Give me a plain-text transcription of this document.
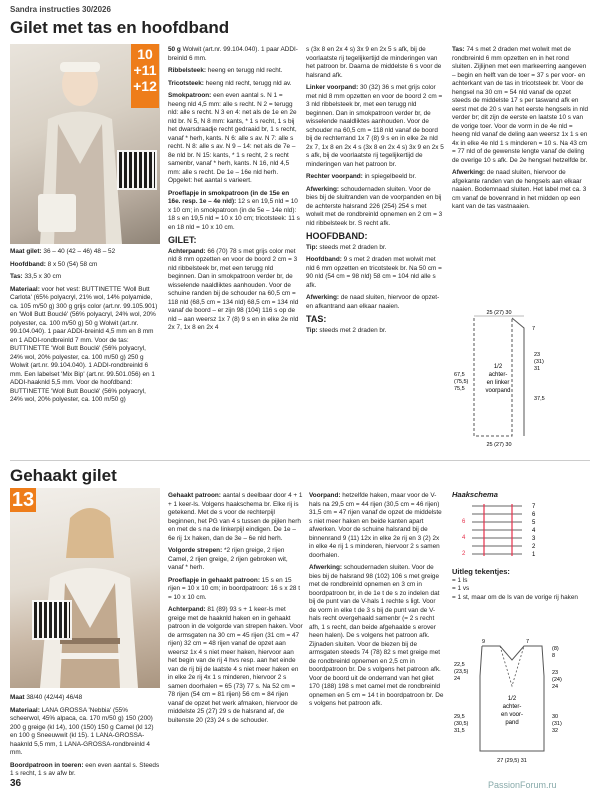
Sandra instructies 30/2026
Gilet met tas en hoofdband
10
+11
+12

Maat gilet: 36 – 40 (42 – 46) 48 – 52

Hoofdband: 8 x 50 (54) 58 cm

Tas: 33,5 x 30 cm

Materiaal: voor het vest: BUTTINETTE 'Woll Butt Carlota' (65% polyacryl, 21% wol, 14% polyamide, ca. 105 m/50 g) 300 g grijs color (art.nr. 99.105.901) en 'Woll Butt Bouclé' (56% polyacryl, 24% wol, 20% polyester, ca. 100 m/50 g) 50 g Wolwit (art.nr. 99.104.040). 1 paar ADDI-breinld 4,5 mm en 8 mm en 1 ADDI-rondbreinld 7 mm. Voor de tas: BUTTINETTE 'Woll Butt Bouclé' (56% polyacryl, 24% wol, 20% polyester, ca. 100 m/50 g) 250 g Wolwit (art.nr. 99.104.040). 1 ADDI-rondbreinld 6 mm. Een labelset 'Mix Bip' (art.nr. 99.501.056) en 1 ADDI-haaknld 5,5 mm. Voor de hoofdband: BUTTINETTE 'Woll Butt Bouclé' (56% polyacryl, 24% wol, 20% polyester, ca. 100 m/50 g)

50 g Wolwit (art.nr. 99.104.040). 1 paar ADDI-breinld 6 mm.

Ribbelsteek: heeng en terugg nld recht.

Tricotsteek: heeng nld recht, terugg nld av.

Smokpatroon: een even aantal s. N 1 = heeng nld 4,5 mm: alle s recht. N 2 = terugg nld: alle s recht. N 3 en 4: net als de 1e en 2e nld br. N 5, N 8 mm: kants, * 1 s recht, 1 s bij het dwarsdraadje recht gedraaid br, 1 s recht, vanaf * herh, kants. N 6: alle s av. N 7: alle s recht. N 8: alle s av. N 9 – 14: net als de 7e – 8e nld br. N 15: kants, * 1 s recht, 2 s recht samenbr, vanaf * herh, kants. N 16, nld 4,5 mm: alle s recht. De 1e – 16e nld herh. Opgelet: het aantal s varieert.

Proeflapje in smokpatroon (in de 15e en 16e. resp. 1e – 4e nld): 12 s en 19,5 nld = 10 x 10 cm; in smokpatroon (in de 5e – 14e nld): 18 s en 19,5 nld = 10 x 10 cm; tricotsteek: 11 s en 18 nld = 10 x 10 cm.

GILET:

Achterpand: 66 (70) 78 s met grijs color met nld 8 mm opzetten en voor de boord 2 cm = 3 nld ribbelsteek br, met een terugg nld beginnen. Dan in smokpatroon verder br, de wisselende naaldliktes aanhouden. Voor de schuine randen bij de schouder na 60,5 cm = 118 nld (68,5 cm = 134 nld) 68,5 cm = 134 nld vanaf de boord – er zijn 98 (104) 116 s op de nld – aan weersz 1x 7 (8) 9 s en in elke 2e nld 2x 7, 1x 8 en 2x 4

s (3x 8 en 2x 4 s) 3x 9 en 2x 5 s afk, bij de voorlaatste rij tegelijkertijd de minderingen van het patroon br. Daarna de middelste 6 s voor de halsrand afk.

Linker voorpand: 30 (32) 36 s met grijs color met nld 8 mm opzetten en voor de boord 2 cm = 3 nld ribbelsteek br, met een terugg nld beginnen. Dan in smokpatroon verder br, de wisselende naaldliktes aanhouden. Voor de schouder na 60,5 cm = 118 nld vanaf de boord bij de rechterrand 1x 7 (8) 9 s en in elke 2e nld 2x 7, 1x 8 en 2x 4 s (3x 8 en 2x 4 s) 3x 9 en 2x 5 s afk, bij de voorlaatste rij tegelijkertijd de minderingen van het patroon br.

Rechter voorpand: in spiegelbeeld br.

Afwerking: schoudernaden sluiten. Voor de bies bij de sluitranden van de voorpanden en bij de achterste halsrand 226 (254) 254 s met wolwit met de rondbreinld opnemen en 2 cm = 3 nld ribbelsteek br. S recht afk.

HOOFDBAND:

Tip: steeds met 2 draden br.

Hoofdband: 9 s met 2 draden met wolwit met nld 6 mm opzetten en tricotsteek br. Na 50 cm = 90 nld (54 cm = 98 nld) 58 cm = 104 nld alle s afk.

Afwerking: de naad sluiten, hiervoor de opzet- en afkantrand aan elkaar naaien.

TAS:

Tip: steeds met 2 draden br.

Tas: 74 s met 2 draden met wolwit met de rondbreinld 6 mm opzetten en in het rond sluiten. Zijlijnen met een markeerring aangeven – begin en helft van de toer = 37 s per voor- en achterkant van de tas in tricotsteek br. Voor de hengsel na 30 cm = 54 nld vanaf de opzet steeds de middelste 17 s per taswand afk en eerst met de 20 s van het eerste hengsels in nld verder br; dit zijn de eerste en laatste 10 s van de vorige toer. Voor de vorm in de 4e nld = heeng nld vanaf de deling aan weersz 1x 1 s en 4x in elke 4e nld 1 s minderen = 10 s. Na 43 cm = 77 nld of de gewenste lengte vanaf de deling de overige 10 s afk. De 2e hengsel hetzelfde br.

Afwerking: de naad sluiten, hiervoor de afgekante randen van de hengsels aan elkaar naaien. Bodemnaad sluiten. Het label met ca. 3 cm vanaf de bovenrand in het midden op een kant van de tas vastnaaien.

25 (27) 30
7
23
(31)
31
67,5
(75,5)
75,5
37,5
1/2
achter-
en linker
voorpand
25 (27) 30
Gehaakt gilet
13

Maat 38/40 (42/44) 46/48

Materiaal: LANA GROSSA 'Nebbia' (55% scheerwol, 45% alpaca, ca. 170 m/50 g) 150 (200) 200 g greige (kl 14), 100 (150) 150 g Camel (kl 12) en 100 g Sneeuwwit (kl 15). 1 LANA-GROSSA-haaknld 5,5 mm, 1 LANA-GROSSA-rondbreinld 4 mm.

Boordpatroon in toeren: een even aantal s. Steeds 1 s recht, 1 s av afw br.

Gehaakt patroon: aantal s deelbaar door 4 + 1 + 1 keer-ls. Volgens haakschema br. Elke rij is getekend. Met de s voor de rechterpijl beginnen, het PG van 4 s tussen de pijlen herh en met de s na de linkerpijl eindigen. De 1e – 6e rij 1x haken, dan de 3e – 6e nld herh.

Volgorde strepen: *2 rijen greige, 2 rijen Camel, 2 rijen greige, 2 rijen gebroken wit, vanaf * herh.

Proeflapje in gehaakt patroon: 15 s en 15 rijen = 10 x 10 cm; in boordpatroon: 16 s x 28 t = 10 x 10 cm.

Achterpand: 81 (89) 93 s + 1 keer-ls met greige met de haaknld haken en in gehaakt patroon in de volgorde van strepen haken. Voor de armsgaten na 30 cm = 45 rijen (31 cm = 47 rijen) 32 cm = 48 rijen vanaf de opzet aan weersz 1x 4 s niet meer haken, hiervoor aan het begin van de rij 4 hvs resp. aan het einde van de rij bij de laatste 4 s niet meer haken en in elke 2e rij 4x 1 s minderen, hiervoor 2 s samen doorhalen = 65 (73) 77 s. Na 52 cm = 78 rijen (54 cm = 81 rijen) 56 cm = 84 rijen vanaf de opzet het werk afmaken, hiervoor de middelste 25 (27) 29 s de halsrand af, de buitenste 20 (23) 24 s de schouder.

Voorpand: hetzelfde haken, maar voor de V-hals na 29,5 cm = 44 rijen (30,5 cm = 46 rijen) 31,5 cm = 47 rijen vanaf de opzet de middelste s niet meer haken en beide kanten apart afwerken. Voor de schuine halsrand bij de binnenrand 9 (11) 12x in elke 2e rij en 3 (2) 2x in elke 4e rij 1 s minderen, hiervoor 2 s samen doorhalen.

Afwerking: schoudernaden sluiten. Voor de bies bij de halsrand 98 (102) 106 s met greige met de rondbreinld opnemen en 3 cm in boordpatroon br, in de 1e t de s zo indelen dat bij de punt van de V-hals 1 rechte s ligt. Voor de vorm in elke t de 3 s bij de punt van de V-hals recht overgehaald samenbr (= 2 s recht afh, 1 s recht, dan beide afgehaalde s erover heen halen). De s volgens het patroon afk. Zijnaden sluiten. Voor de biezen bij de armsgaten steeds 74 (78) 82 s met greige met de rondbreinld opnemen en 2,5 cm in boordpatroon br. De s volgens het patroon afk. Voor de boord uit de onderrand van het gilet 170 (188) 198 s met camel met de rondbreinld opnemen en 5 cm = 14 t in boordpatroon br. De s volgens het patroon afk.

Haakschema
6
4
2
7
6
5
4
3
2
1
Uitleg tekentjes:
= 1 ls
= 1 vs
= 1 st, maar om de ls van de vorige rij haken
9	7
(8)
8
22,5
(23,5)
24
23
(24)
24
29,5
(30,5)
31,5
30
(31)
32
1/2
achter-
en voor-
pand
27 (29,5) 31
36	PassionForum.ru
